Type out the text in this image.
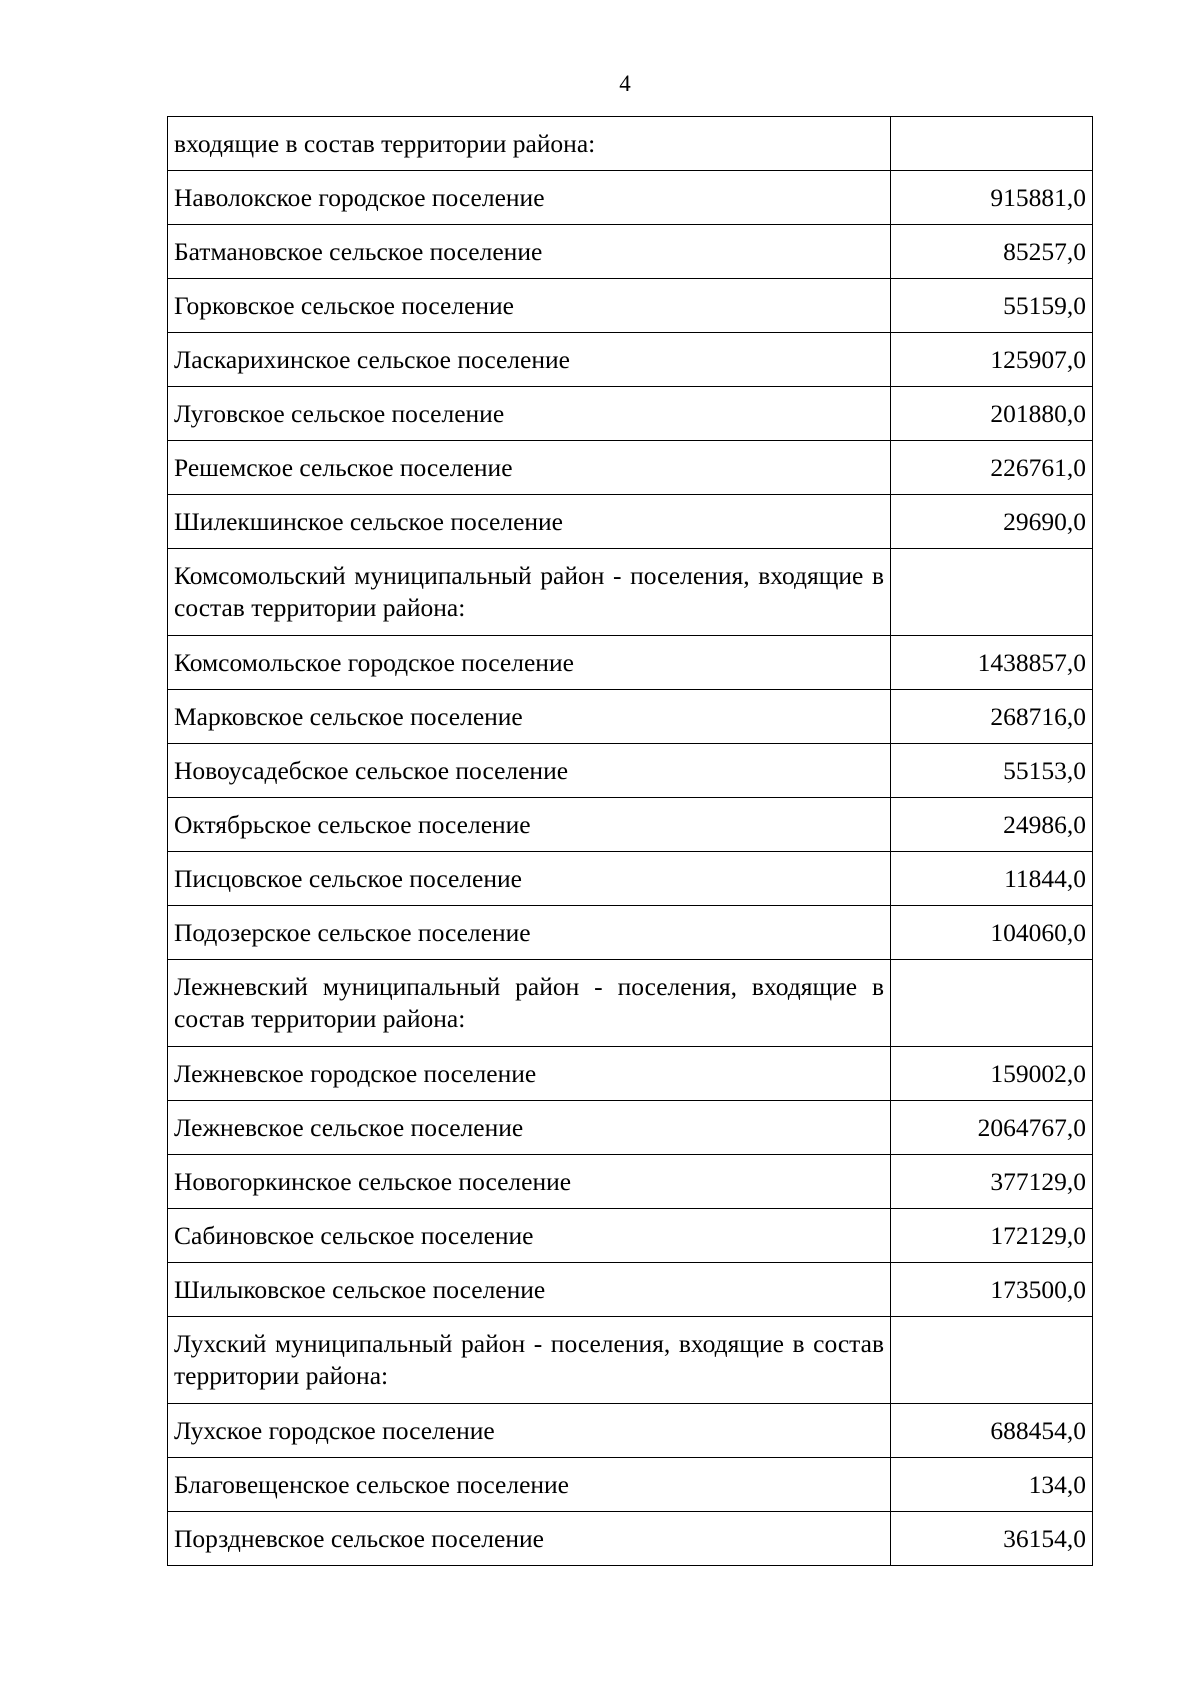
4
входящие в состав территории района:	
Наволокское городское поселение	915881,0
Батмановское сельское поселение	85257,0
Горковское сельское поселение	55159,0
Ласкарихинское сельское поселение	125907,0
Луговское сельское поселение	201880,0
Решемское сельское поселение	226761,0
Шилекшинское сельское поселение	29690,0
Комсомольский муниципальный район - поселения, входящие в состав территории района:	
Комсомольское городское поселение	1438857,0
Марковское сельское поселение	268716,0
Новоусадебское сельское поселение	55153,0
Октябрьское сельское поселение	24986,0
Писцовское сельское поселение	11844,0
Подозерское сельское поселение	104060,0
Лежневский муниципальный район - поселения, входящие в состав территории района:	
Лежневское городское поселение	159002,0
Лежневское сельское поселение	2064767,0
Новогоркинское сельское поселение	377129,0
Сабиновское сельское поселение	172129,0
Шилыковское сельское поселение	173500,0
Лухский муниципальный район - поселения, входящие в состав территории района:	
Лухское городское поселение	688454,0
Благовещенское сельское поселение	134,0
Порздневское сельское поселение	36154,0
